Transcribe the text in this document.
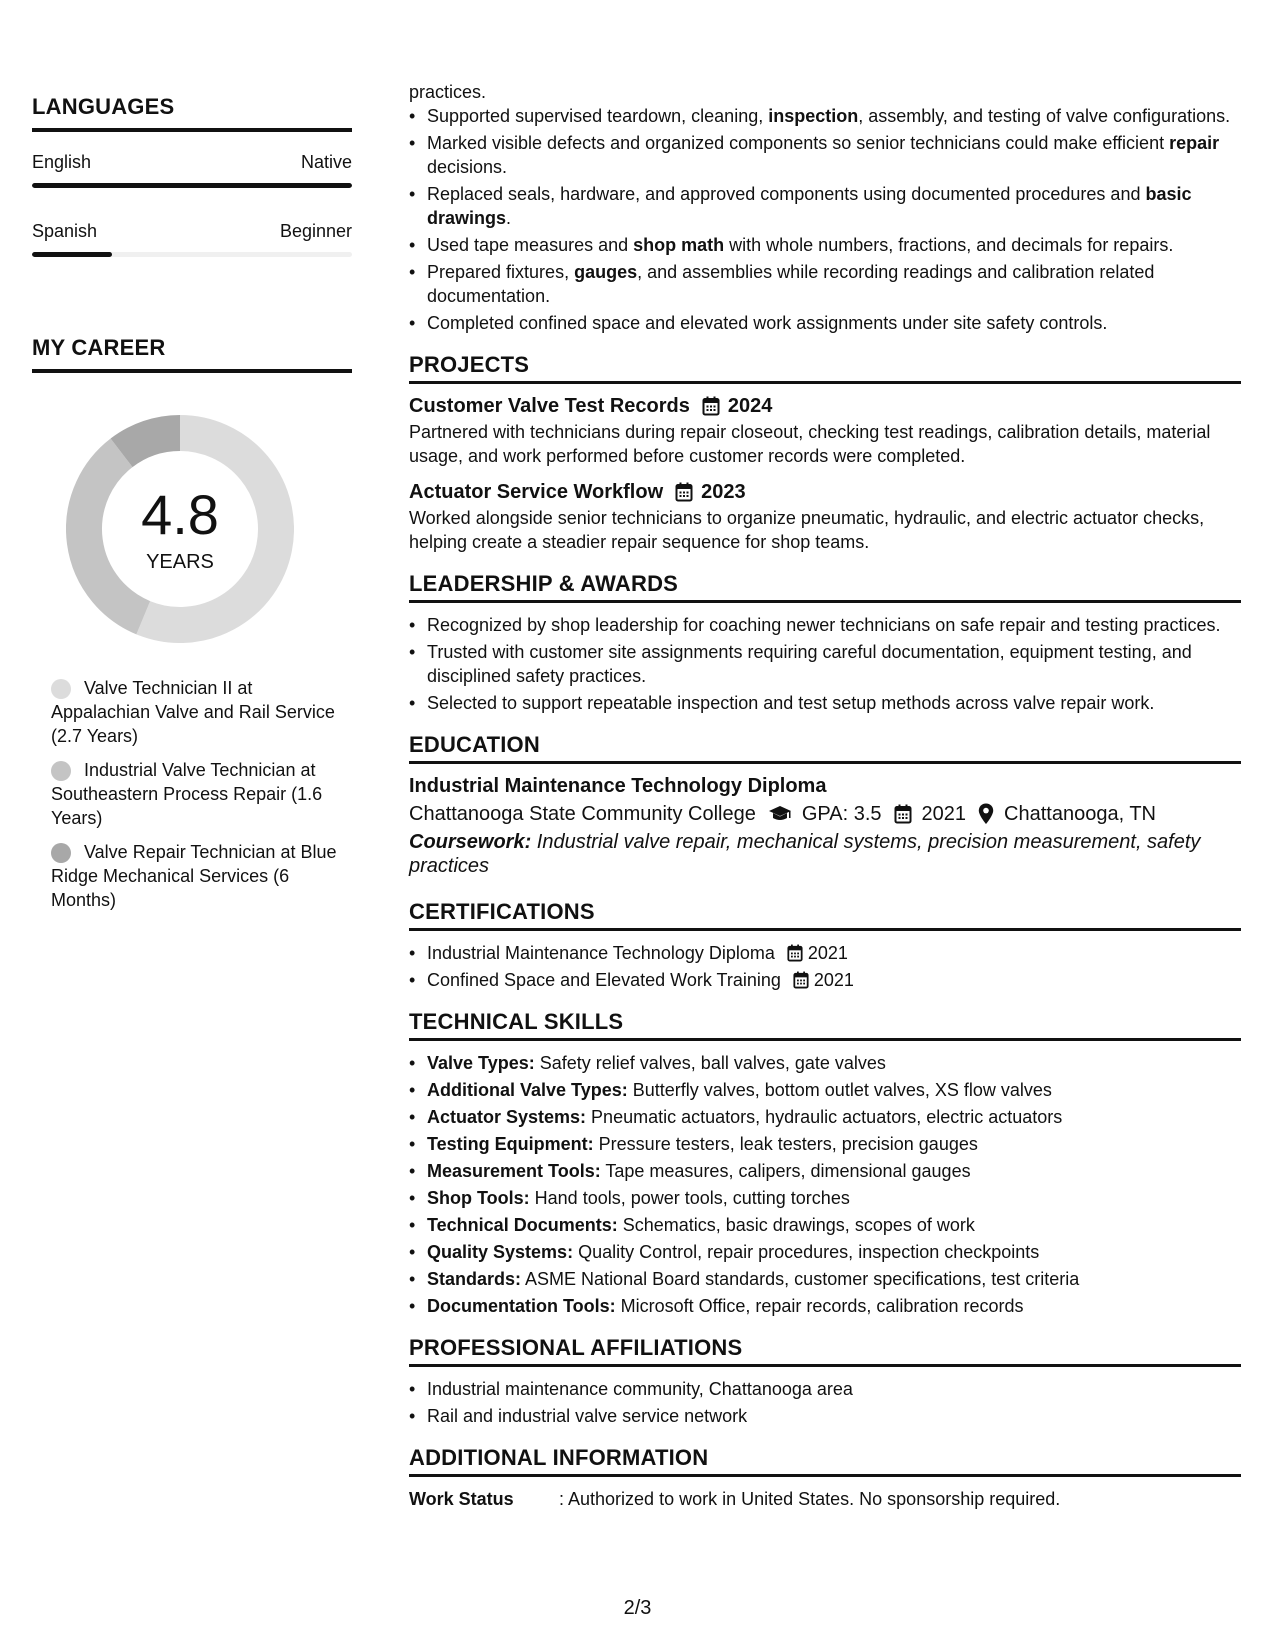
LANGUAGES
English	Native
Spanish	Beginner
MY CAREER
4.8
YEARS
Valve Technician II at Appalachian Valve and Rail Service (2.7 Years)
Industrial Valve Technician at Southeastern Process Repair (1.6 Years)
Valve Repair Technician at Blue Ridge Mechanical Services (6 Months)
practices.
• Supported supervised teardown, cleaning, inspection, assembly, and testing of valve configurations.
• Marked visible defects and organized components so senior technicians could make efficient repair decisions.
• Replaced seals, hardware, and approved components using documented procedures and basic drawings.
• Used tape measures and shop math with whole numbers, fractions, and decimals for repairs.
• Prepared fixtures, gauges, and assemblies while recording readings and calibration related documentation.
• Completed confined space and elevated work assignments under site safety controls.
PROJECTS
Customer Valve Test Records 2024
Partnered with technicians during repair closeout, checking test readings, calibration details, material usage, and work performed before customer records were completed.
Actuator Service Workflow 2023
Worked alongside senior technicians to organize pneumatic, hydraulic, and electric actuator checks, helping create a steadier repair sequence for shop teams.
LEADERSHIP & AWARDS
• Recognized by shop leadership for coaching newer technicians on safe repair and testing practices.
• Trusted with customer site assignments requiring careful documentation, equipment testing, and disciplined safety practices.
• Selected to support repeatable inspection and test setup methods across valve repair work.
EDUCATION
Industrial Maintenance Technology Diploma
Chattanooga State Community College GPA: 3.5 2021 Chattanooga, TN
Coursework: Industrial valve repair, mechanical systems, precision measurement, safety practices
CERTIFICATIONS
• Industrial Maintenance Technology Diploma 2021
• Confined Space and Elevated Work Training 2021
TECHNICAL SKILLS
• Valve Types: Safety relief valves, ball valves, gate valves
• Additional Valve Types: Butterfly valves, bottom outlet valves, XS flow valves
• Actuator Systems: Pneumatic actuators, hydraulic actuators, electric actuators
• Testing Equipment: Pressure testers, leak testers, precision gauges
• Measurement Tools: Tape measures, calipers, dimensional gauges
• Shop Tools: Hand tools, power tools, cutting torches
• Technical Documents: Schematics, basic drawings, scopes of work
• Quality Systems: Quality Control, repair procedures, inspection checkpoints
• Standards: ASME National Board standards, customer specifications, test criteria
• Documentation Tools: Microsoft Office, repair records, calibration records
PROFESSIONAL AFFILIATIONS
• Industrial maintenance community, Chattanooga area
• Rail and industrial valve service network
ADDITIONAL INFORMATION
Work Status	: Authorized to work in United States. No sponsorship required.
2/3
